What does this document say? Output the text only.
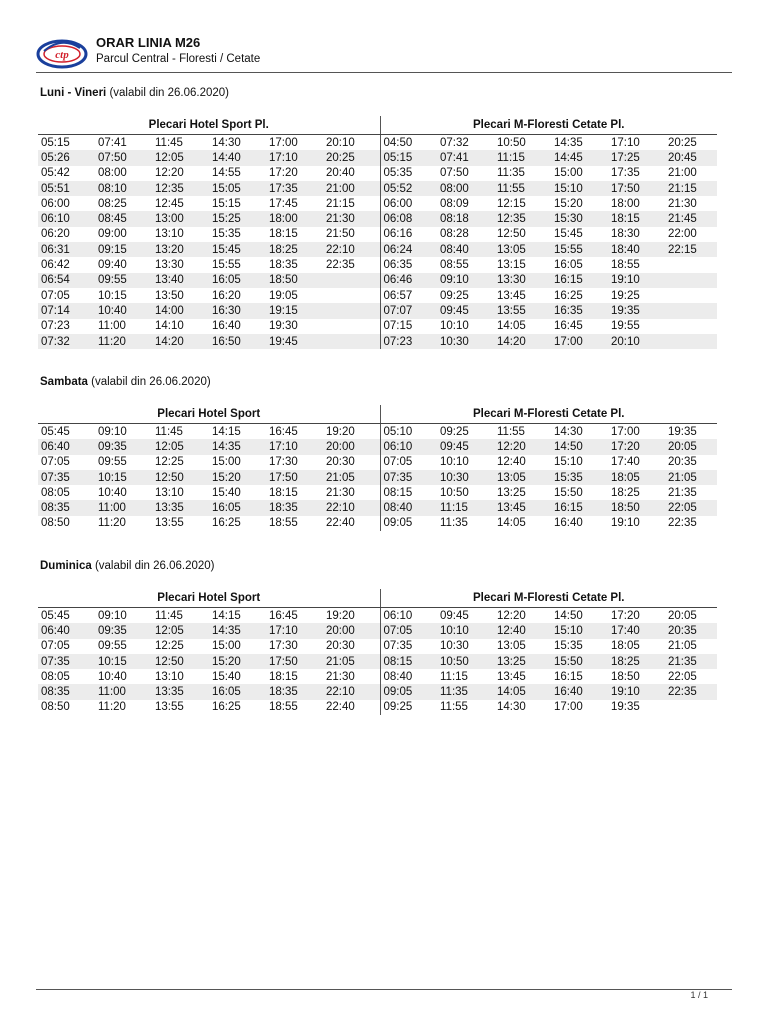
ctp
ORAR LINIA M26
Parcul Central - Floresti / Cetate
Luni - Vineri (valabil din 26.06.2020)
Plecari Hotel Sport Pl.						Plecari M-Floresti Cetate Pl.					
05:15	07:41	11:45	14:30	17:00	20:10	04:50	07:32	10:50	14:35	17:10	20:25
05:26	07:50	12:05	14:40	17:10	20:25	05:15	07:41	11:15	14:45	17:25	20:45
05:42	08:00	12:20	14:55	17:20	20:40	05:35	07:50	11:35	15:00	17:35	21:00
05:51	08:10	12:35	15:05	17:35	21:00	05:52	08:00	11:55	15:10	17:50	21:15
06:00	08:25	12:45	15:15	17:45	21:15	06:00	08:09	12:15	15:20	18:00	21:30
06:10	08:45	13:00	15:25	18:00	21:30	06:08	08:18	12:35	15:30	18:15	21:45
06:20	09:00	13:10	15:35	18:15	21:50	06:16	08:28	12:50	15:45	18:30	22:00
06:31	09:15	13:20	15:45	18:25	22:10	06:24	08:40	13:05	15:55	18:40	22:15
06:42	09:40	13:30	15:55	18:35	22:35	06:35	08:55	13:15	16:05	18:55	
06:54	09:55	13:40	16:05	18:50		06:46	09:10	13:30	16:15	19:10	
07:05	10:15	13:50	16:20	19:05		06:57	09:25	13:45	16:25	19:25	
07:14	10:40	14:00	16:30	19:15		07:07	09:45	13:55	16:35	19:35	
07:23	11:00	14:10	16:40	19:30		07:15	10:10	14:05	16:45	19:55	
07:32	11:20	14:20	16:50	19:45		07:23	10:30	14:20	17:00	20:10	
Sambata (valabil din 26.06.2020)
Plecari Hotel Sport						Plecari M-Floresti Cetate Pl.					
05:45	09:10	11:45	14:15	16:45	19:20	05:10	09:25	11:55	14:30	17:00	19:35
06:40	09:35	12:05	14:35	17:10	20:00	06:10	09:45	12:20	14:50	17:20	20:05
07:05	09:55	12:25	15:00	17:30	20:30	07:05	10:10	12:40	15:10	17:40	20:35
07:35	10:15	12:50	15:20	17:50	21:05	07:35	10:30	13:05	15:35	18:05	21:05
08:05	10:40	13:10	15:40	18:15	21:30	08:15	10:50	13:25	15:50	18:25	21:35
08:35	11:00	13:35	16:05	18:35	22:10	08:40	11:15	13:45	16:15	18:50	22:05
08:50	11:20	13:55	16:25	18:55	22:40	09:05	11:35	14:05	16:40	19:10	22:35
Duminica (valabil din 26.06.2020)
Plecari Hotel Sport						Plecari M-Floresti Cetate Pl.					
05:45	09:10	11:45	14:15	16:45	19:20	06:10	09:45	12:20	14:50	17:20	20:05
06:40	09:35	12:05	14:35	17:10	20:00	07:05	10:10	12:40	15:10	17:40	20:35
07:05	09:55	12:25	15:00	17:30	20:30	07:35	10:30	13:05	15:35	18:05	21:05
07:35	10:15	12:50	15:20	17:50	21:05	08:15	10:50	13:25	15:50	18:25	21:35
08:05	10:40	13:10	15:40	18:15	21:30	08:40	11:15	13:45	16:15	18:50	22:05
08:35	11:00	13:35	16:05	18:35	22:10	09:05	11:35	14:05	16:40	19:10	22:35
08:50	11:20	13:55	16:25	18:55	22:40	09:25	11:55	14:30	17:00	19:35	
1 / 1
